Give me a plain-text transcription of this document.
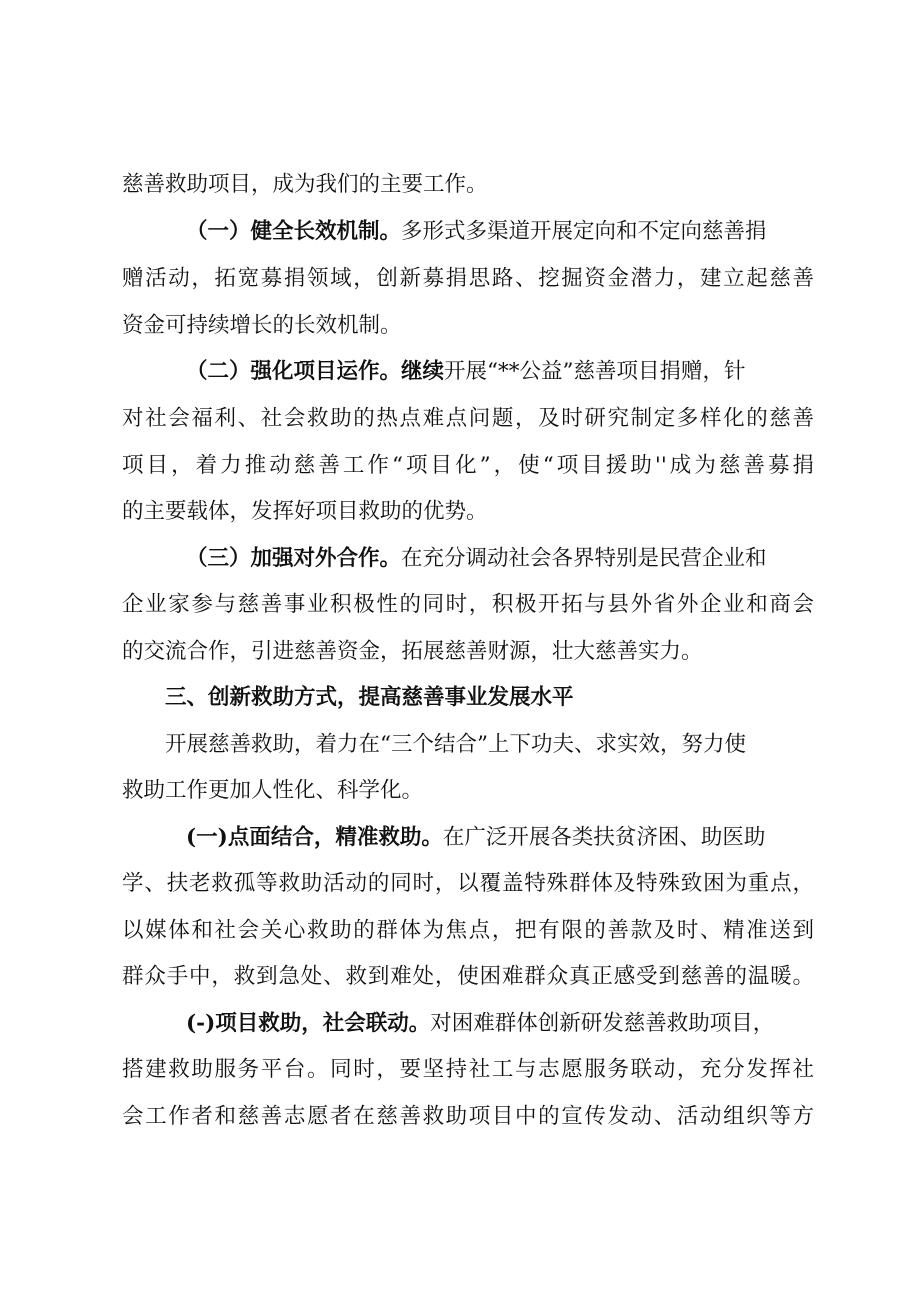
慈善救助项目，成为我们的主要工作。
（一）健全长效机制。多形式多渠道开展定向和不定向慈善捐
赠活动，拓宽募捐领域，创新募捐思路、挖掘资金潜力，建立起慈善
资金可持续增长的长效机制。
（二）强化项目运作。继续开展“**公益”慈善项目捐赠，针
对社会福利、社会救助的热点难点问题，及时研究制定多样化的慈善
项目，着力推动慈善工作“项目化”，使“项目援助''成为慈善募捐
的主要载体，发挥好项目救助的优势。
（三）加强对外合作。在充分调动社会各界特别是民营企业和
企业家参与慈善事业积极性的同时，积极开拓与县外省外企业和商会
的交流合作，引进慈善资金，拓展慈善财源，壮大慈善实力。
三、创新救助方式，提高慈善事业发展水平
开展慈善救助，着力在“三个结合”上下功夫、求实效，努力使
救助工作更加人性化、科学化。
(一)点面结合，精准救助。在广泛开展各类扶贫济困、助医助
学、扶老救孤等救助活动的同时，以覆盖特殊群体及特殊致困为重点，
以媒体和社会关心救助的群体为焦点，把有限的善款及时、精准送到
群众手中，救到急处、救到难处，使困难群众真正感受到慈善的温暖。
(-)项目救助，社会联动。对困难群体创新研发慈善救助项目，
搭建救助服务平台。同时，要坚持社工与志愿服务联动，充分发挥社
会工作者和慈善志愿者在慈善救助项目中的宣传发动、活动组织等方
